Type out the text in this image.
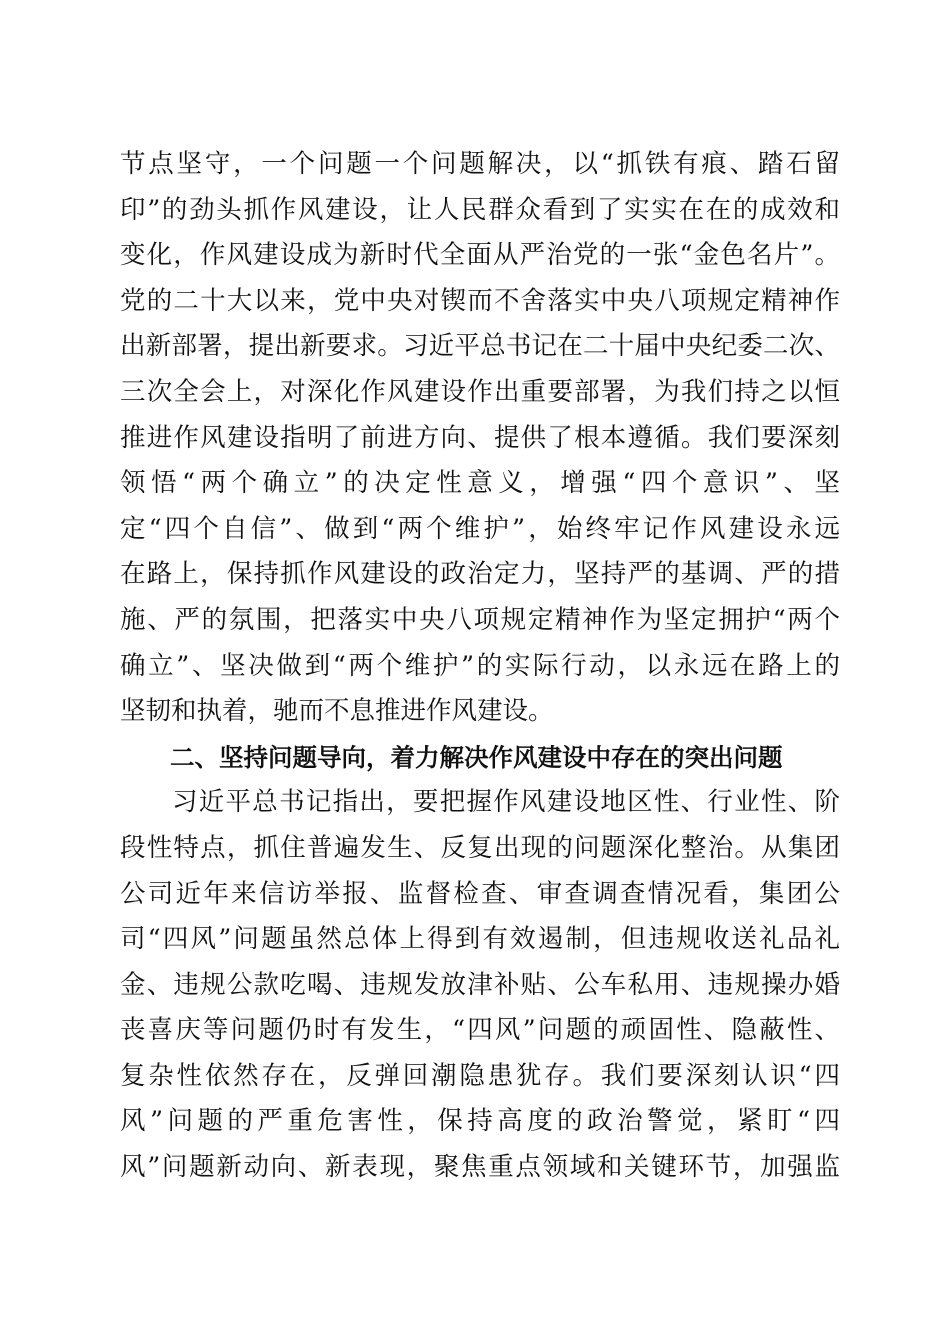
节点坚守，一个问题一个问题解决，以“抓铁有痕、踏石留
印”的劲头抓作风建设，让人民群众看到了实实在在的成效和
变化，作风建设成为新时代全面从严治党的一张“金色名片”。
党的二十大以来，党中央对锲而不舍落实中央八项规定精神作
出新部署，提出新要求。习近平总书记在二十届中央纪委二次、
三次全会上，对深化作风建设作出重要部署，为我们持之以恒
推进作风建设指明了前进方向、提供了根本遵循。我们要深刻
领悟“两个确立”的决定性意义，增强“四个意识”、坚
定“四个自信”、做到“两个维护”，始终牢记作风建设永远
在路上，保持抓作风建设的政治定力，坚持严的基调、严的措
施、严的氛围，把落实中央八项规定精神作为坚定拥护“两个
确立”、坚决做到“两个维护”的实际行动，以永远在路上的
坚韧和执着，驰而不息推进作风建设。
二、坚持问题导向，着力解决作风建设中存在的突出问题
习近平总书记指出，要把握作风建设地区性、行业性、阶
段性特点，抓住普遍发生、反复出现的问题深化整治。从集团
公司近年来信访举报、监督检查、审查调查情况看，集团公
司“四风”问题虽然总体上得到有效遏制，但违规收送礼品礼
金、违规公款吃喝、违规发放津补贴、公车私用、违规操办婚
丧喜庆等问题仍时有发生，“四风”问题的顽固性、隐蔽性、
复杂性依然存在，反弹回潮隐患犹存。我们要深刻认识“四
风”问题的严重危害性，保持高度的政治警觉，紧盯“四
风”问题新动向、新表现，聚焦重点领域和关键环节，加强监
